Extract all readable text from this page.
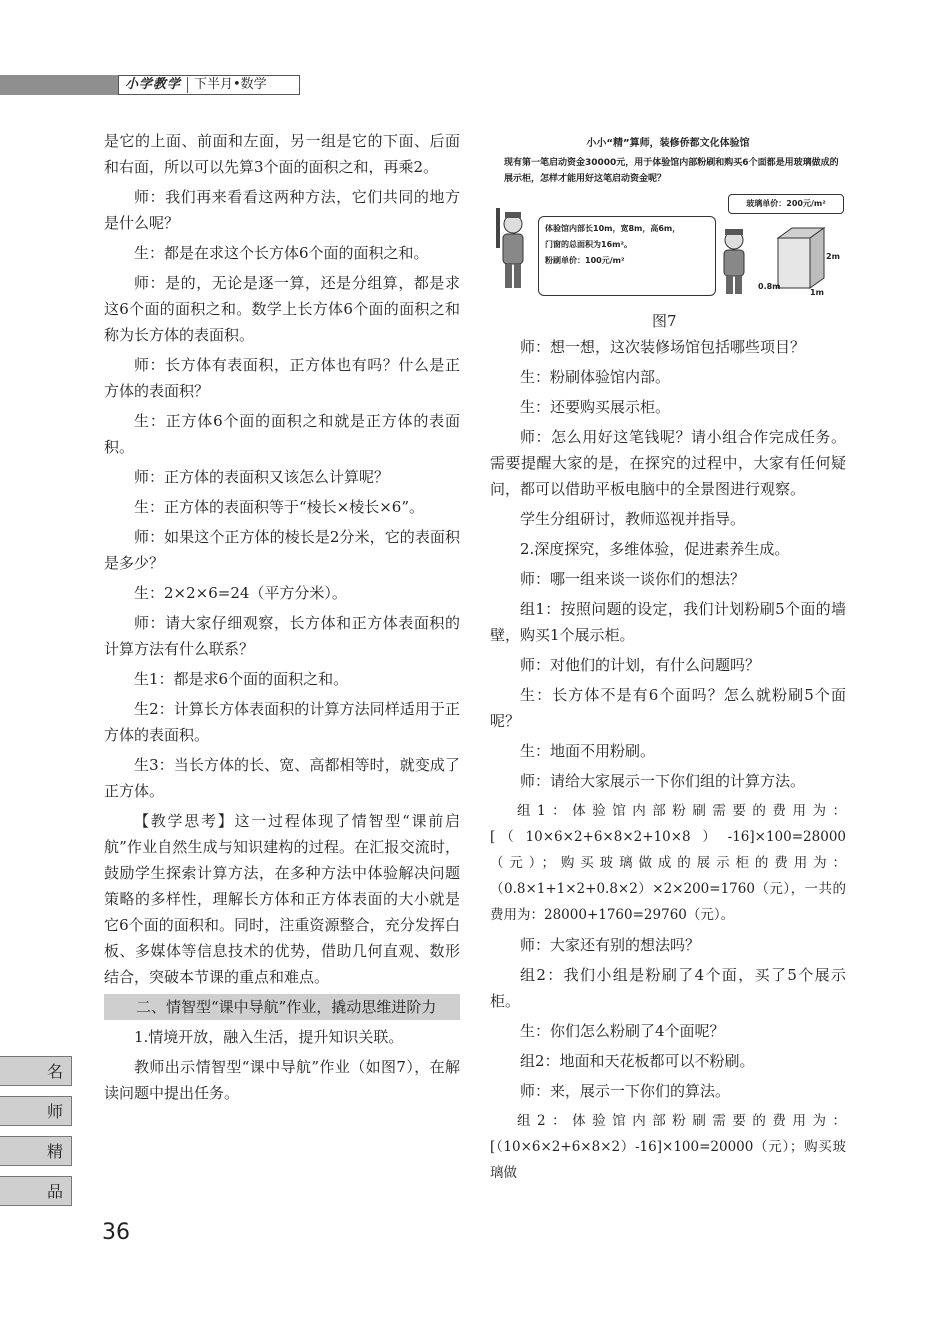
小学教学	下半月•数学

是它的上面、前面和左面，另一组是它的下面、后面和右面，所以可以先算3个面的面积之和，再乘2。

师：我们再来看看这两种方法，它们共同的地方是什么呢？

生：都是在求这个长方体6个面的面积之和。

师：是的，无论是逐一算，还是分组算，都是求这6个面的面积之和。数学上长方体6个面的面积之和称为长方体的表面积。

师：长方体有表面积，正方体也有吗？什么是正方体的表面积？

生：正方体6个面的面积之和就是正方体的表面积。

师：正方体的表面积又该怎么计算呢？

生：正方体的表面积等于“棱长×棱长×6”。

师：如果这个正方体的棱长是2分米，它的表面积是多少？

生：2×2×6=24（平方分米）。

师：请大家仔细观察，长方体和正方体表面积的计算方法有什么联系？

生1：都是求6个面的面积之和。

生2：计算长方体表面积的计算方法同样适用于正方体的表面积。

生3：当长方体的长、宽、高都相等时，就变成了正方体。

【教学思考】这一过程体现了情智型“课前启航”作业自然生成与知识建构的过程。在汇报交流时，鼓励学生探索计算方法，在多种方法中体验解决问题策略的多样性，理解长方体和正方体表面的大小就是它6个面的面积和。同时，注重资源整合，充分发挥白板、多媒体等信息技术的优势，借助几何直观、数形结合，突破本节课的重点和难点。

二、情智型“课中导航”作业，撬动思维进阶力

1.情境开放，融入生活，提升知识关联。

教师出示情智型“课中导航”作业（如图7），在解读问题中提出任务。

小小“精”算师，装修侨都文化体验馆
现有第一笔启动资金30000元，用于体验馆内部粉刷和购买6个面都是用玻璃做成的展示柜，怎样才能用好这笔启动资金呢？
体验馆内部长10m，宽8m，高6m，
门窗的总面积为16m²。
粉刷单价：100元/m²
玻璃单价：200元/m²
2m
0.8m
1m
图7

师：想一想，这次装修场馆包括哪些项目？

生：粉刷体验馆内部。

生：还要购买展示柜。

师：怎么用好这笔钱呢？请小组合作完成任务。需要提醒大家的是，在探究的过程中，大家有任何疑问，都可以借助平板电脑中的全景图进行观察。

学生分组研讨，教师巡视并指导。

2.深度探究，多维体验，促进素养生成。

师：哪一组来谈一谈你们的想法？

组1：按照问题的设定，我们计划粉刷5个面的墙壁，购买1个展示柜。

师：对他们的计划，有什么问题吗？

生：长方体不是有6个面吗？怎么就粉刷5个面呢？

生：地面不用粉刷。

师：请给大家展示一下你们组的计算方法。

组1：体验馆内部粉刷需要的费用为：[（10×6×2+6×8×2+10×8）-16]×100=28000（元）；购买玻璃做成的展示柜的费用为：（0.8×1+1×2+0.8×2）×2×200=1760（元），一共的费用为：28000+1760=29760（元）。

师：大家还有别的想法吗？

组2：我们小组是粉刷了4个面，买了5个展示柜。

生：你们怎么粉刷了4个面呢？

组2：地面和天花板都可以不粉刷。

师：来，展示一下你们的算法。

组2：体验馆内部粉刷需要的费用为：[（10×6×2+6×8×2）-16]×100=20000（元）；购买玻璃做

名
师
精
品
36
